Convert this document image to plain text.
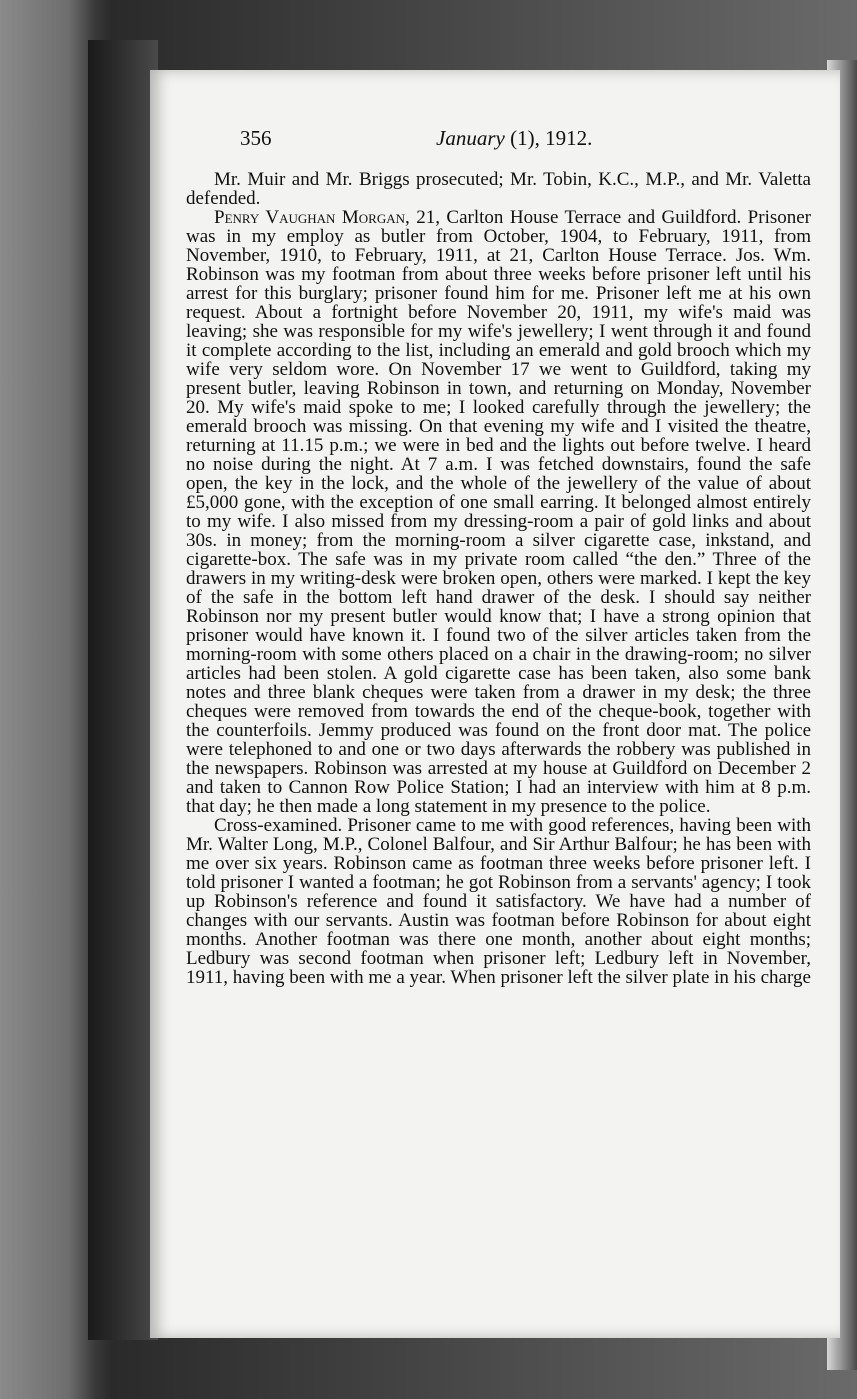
356	January (1), 1912.

Mr. Muir and Mr. Briggs prosecuted; Mr. Tobin, K.C., M.P., and Mr. Valetta defended.

Penry Vaughan Morgan, 21, Carlton House Terrace and Guildford. Prisoner was in my employ as butler from October, 1904, to February, 1911, from November, 1910, to February, 1911, at 21, Carlton House Terrace. Jos. Wm. Robinson was my footman from about three weeks before prisoner left until his arrest for this burglary; prisoner found him for me. Prisoner left me at his own request. About a fortnight before November 20, 1911, my wife's maid was leaving; she was responsible for my wife's jewellery; I went through it and found it complete according to the list, including an emerald and gold brooch which my wife very seldom wore. On November 17 we went to Guildford, taking my present butler, leaving Robinson in town, and returning on Monday, November 20. My wife's maid spoke to me; I looked carefully through the jewellery; the emerald brooch was missing. On that evening my wife and I visited the theatre, returning at 11.15 p.m.; we were in bed and the lights out before twelve. I heard no noise during the night. At 7 a.m. I was fetched downstairs, found the safe open, the key in the lock, and the whole of the jewellery of the value of about £5,000 gone, with the exception of one small earring. It belonged almost entirely to my wife. I also missed from my dressing-room a pair of gold links and about 30s. in money; from the morning-room a silver cigarette case, inkstand, and cigarette-box. The safe was in my private room called “the den.” Three of the drawers in my writing-desk were broken open, others were marked. I kept the key of the safe in the bottom left hand drawer of the desk. I should say neither Robinson nor my present butler would know that; I have a strong opinion that prisoner would have known it. I found two of the silver articles taken from the morning-room with some others placed on a chair in the drawing-room; no silver articles had been stolen. A gold cigarette case has been taken, also some bank notes and three blank cheques were taken from a drawer in my desk; the three cheques were removed from towards the end of the cheque-book, together with the counterfoils. Jemmy produced was found on the front door mat. The police were telephoned to and one or two days afterwards the robbery was published in the newspapers. Robinson was arrested at my house at Guildford on December 2 and taken to Cannon Row Police Station; I had an interview with him at 8 p.m. that day; he then made a long statement in my presence to the police.

Cross-examined. Prisoner came to me with good references, having been with Mr. Walter Long, M.P., Colonel Balfour, and Sir Arthur Balfour; he has been with me over six years. Robinson came as footman three weeks before prisoner left. I told prisoner I wanted a footman; he got Robinson from a servants' agency; I took up Robinson's reference and found it satisfactory. We have had a number of changes with our servants. Austin was footman before Robinson for about eight months. Another footman was there one month, another about eight months; Ledbury was second footman when prisoner left; Ledbury left in November, 1911, having been with me a year. When prisoner left the silver plate in his charge
